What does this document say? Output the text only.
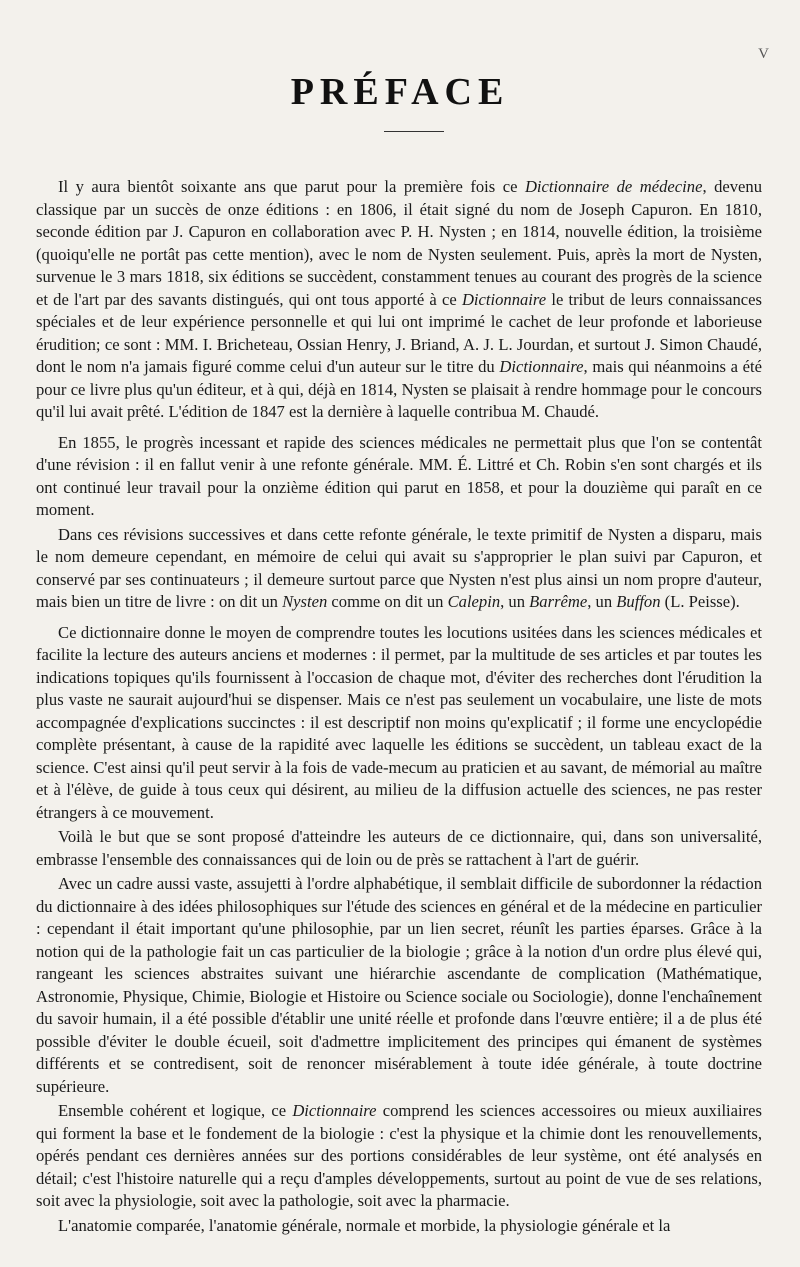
V
PRÉFACE

Il y aura bientôt soixante ans que parut pour la première fois ce Dictionnaire de médecine, devenu classique par un succès de onze éditions : en 1806, il était signé du nom de Joseph Capuron. En 1810, seconde édition par J. Capuron en collaboration avec P. H. Nysten ; en 1814, nouvelle édition, la troisième (quoiqu'elle ne portât pas cette mention), avec le nom de Nysten seulement. Puis, après la mort de Nysten, survenue le 3 mars 1818, six éditions se succèdent, constamment tenues au courant des progrès de la science et de l'art par des savants distingués, qui ont tous apporté à ce Dictionnaire le tribut de leurs connaissances spéciales et de leur expérience personnelle et qui lui ont imprimé le cachet de leur profonde et laborieuse érudition; ce sont : MM. I. Bricheteau, Ossian Henry, J. Briand, A. J. L. Jourdan, et surtout J. Simon Chaudé, dont le nom n'a jamais figuré comme celui d'un auteur sur le titre du Dictionnaire, mais qui néanmoins a été pour ce livre plus qu'un éditeur, et à qui, déjà en 1814, Nysten se plaisait à rendre hommage pour le concours qu'il lui avait prêté. L'édition de 1847 est la dernière à laquelle contribua M. Chaudé.

En 1855, le progrès incessant et rapide des sciences médicales ne permettait plus que l'on se contentât d'une révision : il en fallut venir à une refonte générale. MM. É. Littré et Ch. Robin s'en sont chargés et ils ont continué leur travail pour la onzième édition qui parut en 1858, et pour la douzième qui paraît en ce moment.

Dans ces révisions successives et dans cette refonte générale, le texte primitif de Nysten a disparu, mais le nom demeure cependant, en mémoire de celui qui avait su s'approprier le plan suivi par Capuron, et conservé par ses continuateurs ; il demeure surtout parce que Nysten n'est plus ainsi un nom propre d'auteur, mais bien un titre de livre : on dit un Nysten comme on dit un Calepin, un Barrême, un Buffon (L. Peisse).

Ce dictionnaire donne le moyen de comprendre toutes les locutions usitées dans les sciences médicales et facilite la lecture des auteurs anciens et modernes : il permet, par la multitude de ses articles et par toutes les indications topiques qu'ils fournissent à l'occasion de chaque mot, d'éviter des recherches dont l'érudition la plus vaste ne saurait aujourd'hui se dispenser. Mais ce n'est pas seulement un vocabulaire, une liste de mots accompagnée d'explications succinctes : il est descriptif non moins qu'explicatif ; il forme une encyclopédie complète présentant, à cause de la rapidité avec laquelle les éditions se succèdent, un tableau exact de la science. C'est ainsi qu'il peut servir à la fois de vade-mecum au praticien et au savant, de mémorial au maître et à l'élève, de guide à tous ceux qui désirent, au milieu de la diffusion actuelle des sciences, ne pas rester étrangers à ce mouvement.

Voilà le but que se sont proposé d'atteindre les auteurs de ce dictionnaire, qui, dans son universalité, embrasse l'ensemble des connaissances qui de loin ou de près se rattachent à l'art de guérir.

Avec un cadre aussi vaste, assujetti à l'ordre alphabétique, il semblait difficile de subordonner la rédaction du dictionnaire à des idées philosophiques sur l'étude des sciences en général et de la médecine en particulier : cependant il était important qu'une philosophie, par un lien secret, réunît les parties éparses. Grâce à la notion qui de la pathologie fait un cas particulier de la biologie ; grâce à la notion d'un ordre plus élevé qui, rangeant les sciences abstraites suivant une hiérarchie ascendante de complication (Mathématique, Astronomie, Physique, Chimie, Biologie et Histoire ou Science sociale ou Sociologie), donne l'enchaînement du savoir humain, il a été possible d'établir une unité réelle et profonde dans l'œuvre entière; il a de plus été possible d'éviter le double écueil, soit d'admettre implicitement des principes qui émanent de systèmes différents et se contredisent, soit de renoncer misérablement à toute idée générale, à toute doctrine supérieure.

Ensemble cohérent et logique, ce Dictionnaire comprend les sciences accessoires ou mieux auxiliaires qui forment la base et le fondement de la biologie : c'est la physique et la chimie dont les renouvellements, opérés pendant ces dernières années sur des portions considérables de leur système, ont été analysés en détail; c'est l'histoire naturelle qui a reçu d'amples développements, surtout au point de vue de ses relations, soit avec la physiologie, soit avec la pathologie, soit avec la pharmacie.

L'anatomie comparée, l'anatomie générale, normale et morbide, la physiologie générale et la
